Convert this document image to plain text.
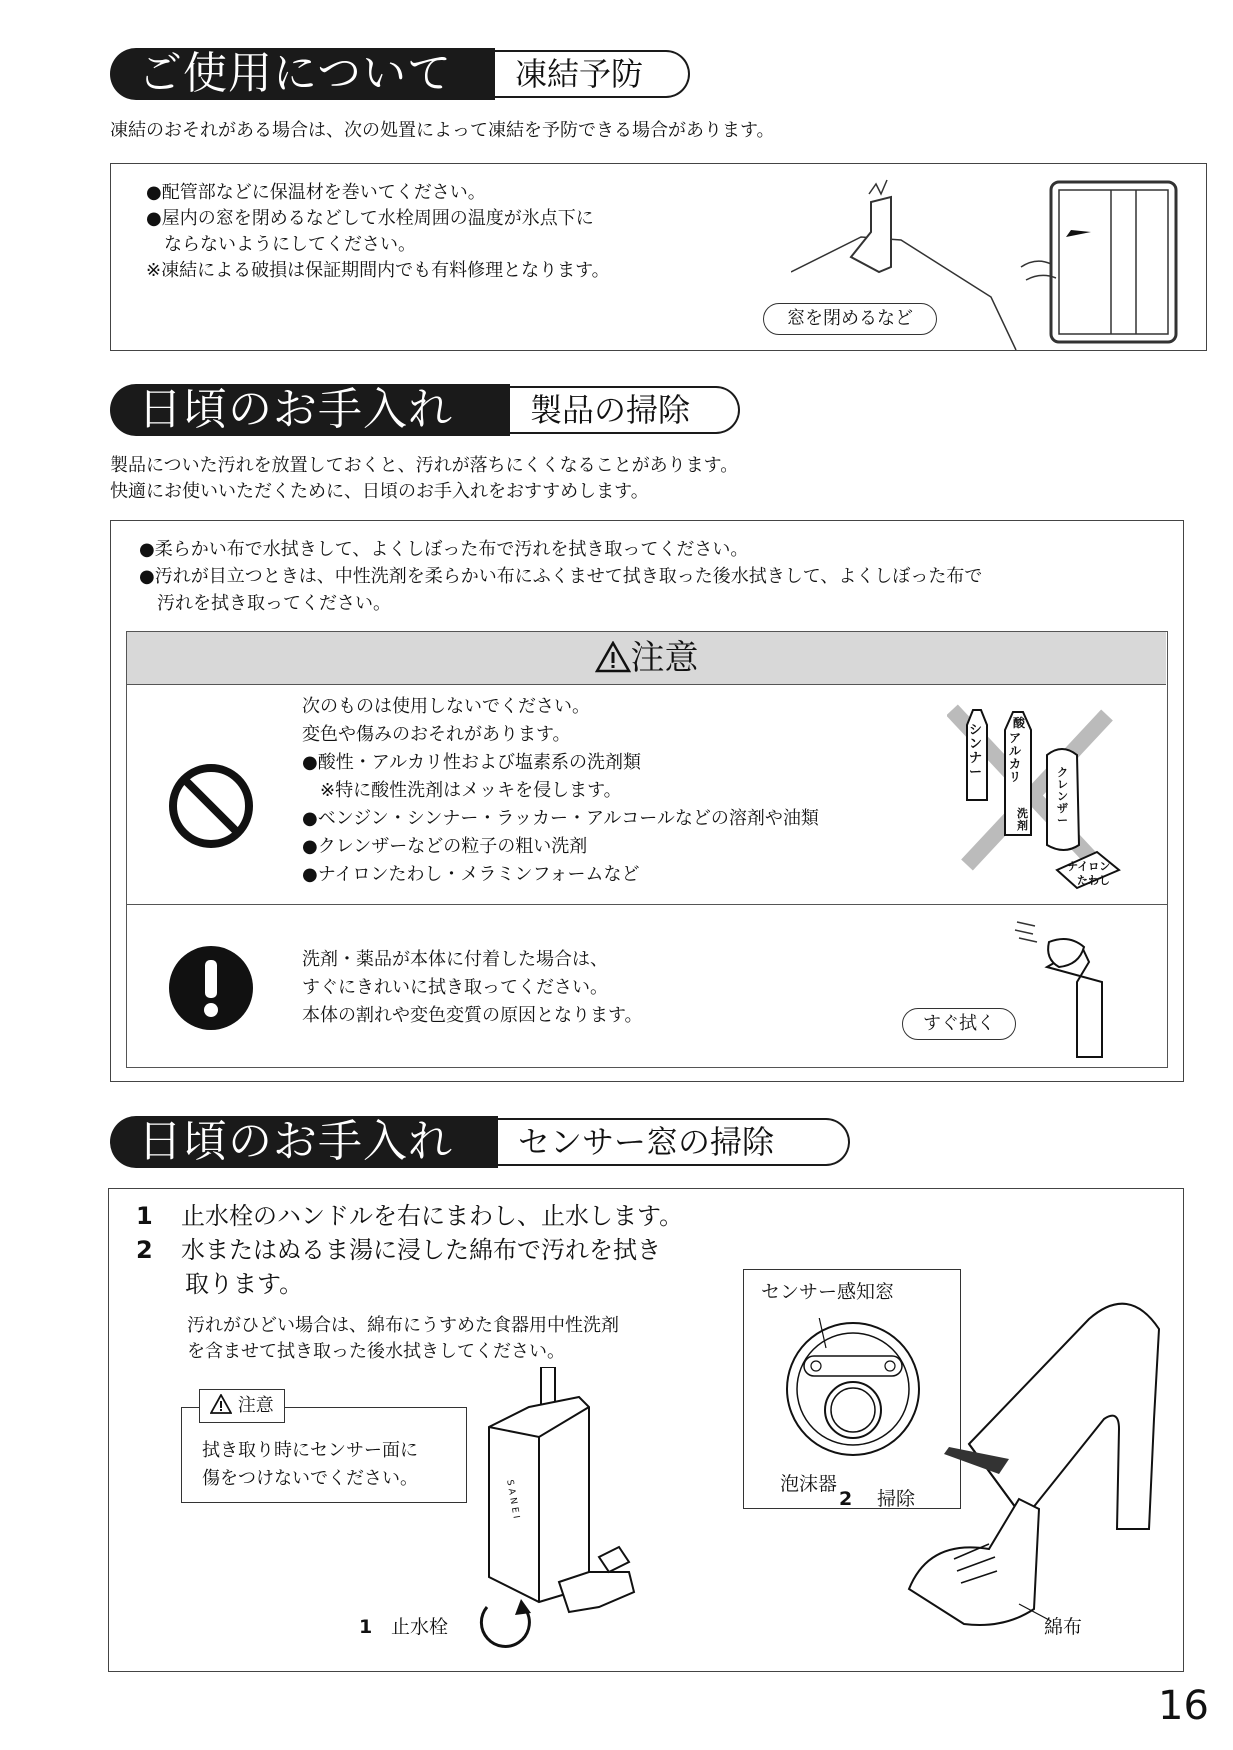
ご使用について	凍結予防
凍結のおそれがある場合は、次の処置によって凍結を予防できる場合があります。
●配管部などに保温材を巻いてください。
●屋内の窓を閉めるなどして水栓周囲の温度が氷点下に
　ならないようにしてください。
※凍結による破損は保証期間内でも有料修理となります。
窓を閉めるなど
日頃のお手入れ	製品の掃除
製品についた汚れを放置しておくと、汚れが落ちにくくなることがあります。
快適にお使いいただくために、日頃のお手入れをおすすめします。
●柔らかい布で水拭きして、よくしぼった布で汚れを拭き取ってください。
●汚れが目立つときは、中性洗剤を柔らかい布にふくませて拭き取った後水拭きして、よくしぼった布で
　汚れを拭き取ってください。
注意
次のものは使用しないでください。
変色や傷みのおそれがあります。
●酸性・アルカリ性および塩素系の洗剤類
　※特に酸性洗剤はメッキを侵します。
●ベンジン・シンナー・ラッカー・アルコールなどの溶剤や油類
●クレンザーなどの粒子の粗い洗剤
●ナイロンたわし・メラミンフォームなど
シンナー
アルカリ
酸
洗剤
クレンザー
ナイロン
たわし
洗剤・薬品が本体に付着した場合は、
すぐにきれいに拭き取ってください。
本体の割れや変色変質の原因となります。	すぐ拭く
日頃のお手入れ	センサー窓の掃除
1 止水栓のハンドルを右にまわし、止水します。
2 水またはぬるま湯に浸した綿布で汚れを拭き
取ります。
汚れがひどい場合は、綿布にうすめた食器用中性洗剤
を含ませて拭き取った後水拭きしてください。
拭き取り時にセンサー面に
傷をつけないでください。
注意
SANEI
1 止水栓
センサー感知窓
泡沫器
2 掃除
綿布
16
